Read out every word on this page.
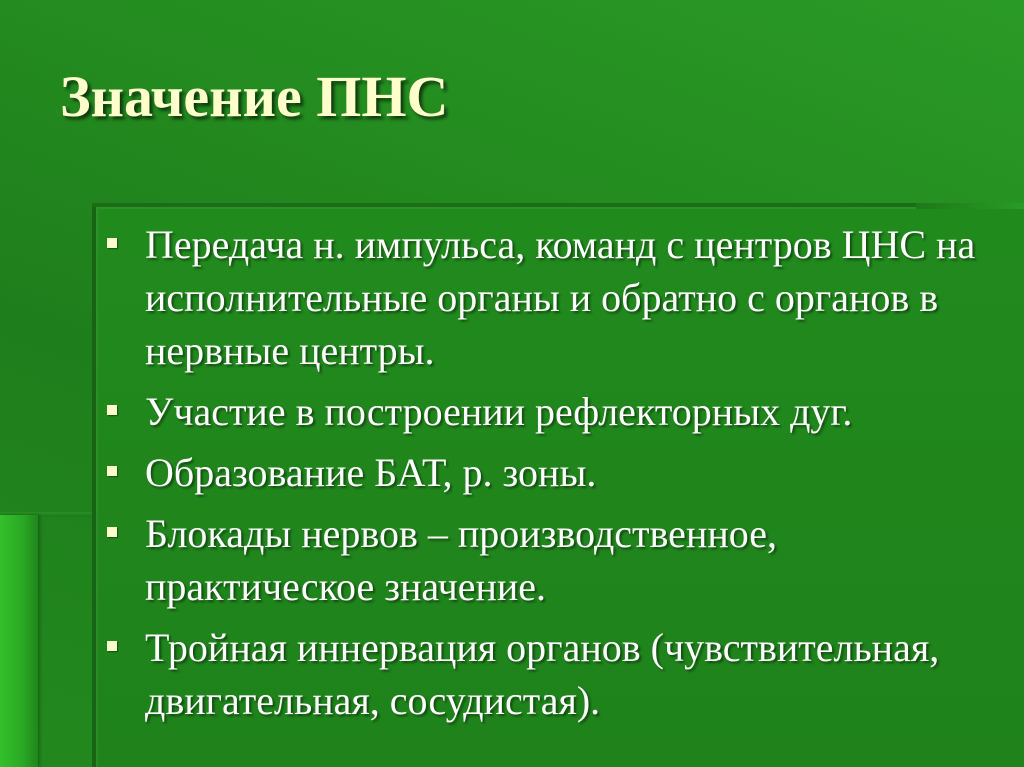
Значение ПНС
Передача н. импульса, команд с центров ЦНС на исполнительные органы и обратно с органов в нервные центры.
Участие в построении рефлекторных дуг.
Образование БАТ, р. зоны.
Блокады нервов – производственное, практическое значение.
Тройная иннервация органов (чувствительная, двигательная, сосудистая).
